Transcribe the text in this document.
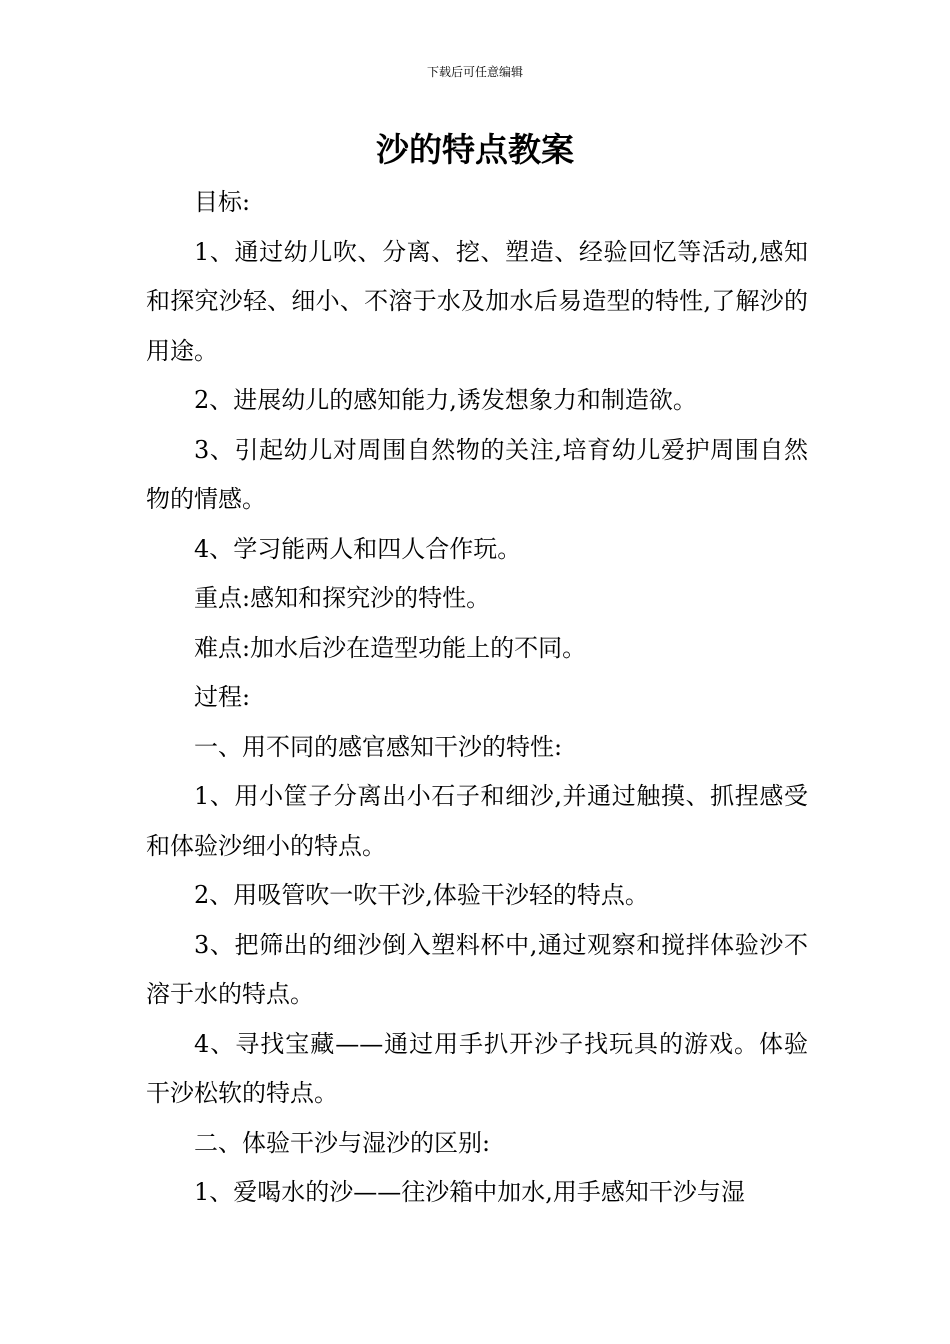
下载后可任意编辑
沙的特点教案

目标:

1、通过幼儿吹、分离、挖、塑造、经验回忆等活动,感知和探究沙轻、细小、不溶于水及加水后易造型的特性,了解沙的用途。

2、进展幼儿的感知能力,诱发想象力和制造欲。

3、引起幼儿对周围自然物的关注,培育幼儿爱护周围自然物的情感。

4、学习能两人和四人合作玩。

重点:感知和探究沙的特性。

难点:加水后沙在造型功能上的不同。

过程:

一、用不同的感官感知干沙的特性:

1、用小筐子分离出小石子和细沙,并通过触摸、抓捏感受和体验沙细小的特点。

2、用吸管吹一吹干沙,体验干沙轻的特点。

3、把筛出的细沙倒入塑料杯中,通过观察和搅拌体验沙不溶于水的特点。

4、寻找宝藏——通过用手扒开沙子找玩具的游戏。体验干沙松软的特点。

二、体验干沙与湿沙的区别:

1、爱喝水的沙——往沙箱中加水,用手感知干沙与湿
